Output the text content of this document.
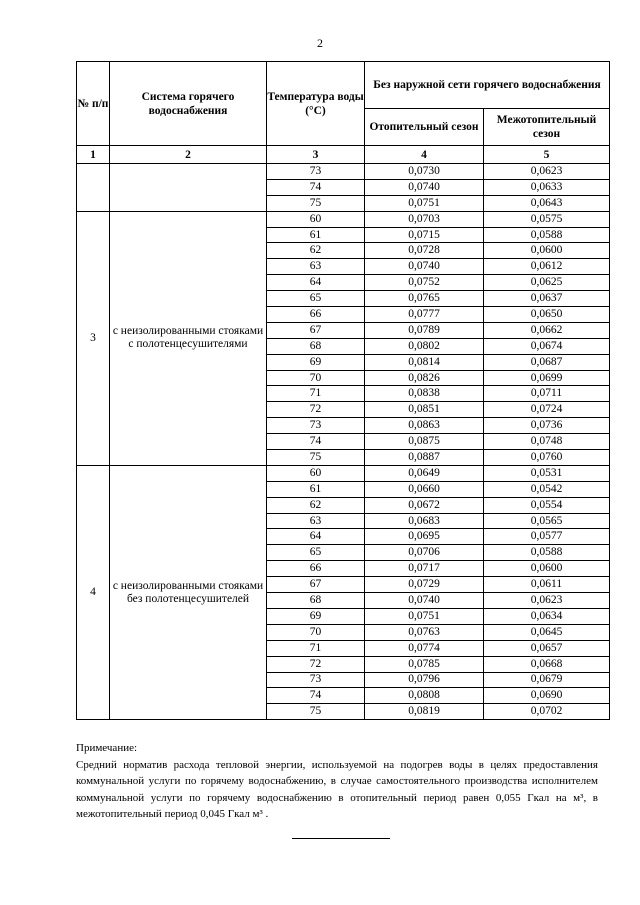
2
№ п/п	Система горячего водоснабжения	Температура воды (°С)	Без наружной сети горячего водоснабжения	
			Отопительный сезон	Межотопительный сезон
1	2	3	4	5
		73	0,0730	0,0623
		74	0,0740	0,0633
		75	0,0751	0,0643
3	с неизолированными стояками с полотенцесушителями	60	0,0703	0,0575
		61	0,0715	0,0588
		62	0,0728	0,0600
		63	0,0740	0,0612
		64	0,0752	0,0625
		65	0,0765	0,0637
		66	0,0777	0,0650
		67	0,0789	0,0662
		68	0,0802	0,0674
		69	0,0814	0,0687
		70	0,0826	0,0699
		71	0,0838	0,0711
		72	0,0851	0,0724
		73	0,0863	0,0736
		74	0,0875	0,0748
		75	0,0887	0,0760
4	с неизолированными стояками без полотенцесушителей	60	0,0649	0,0531
		61	0,0660	0,0542
		62	0,0672	0,0554
		63	0,0683	0,0565
		64	0,0695	0,0577
		65	0,0706	0,0588
		66	0,0717	0,0600
		67	0,0729	0,0611
		68	0,0740	0,0623
		69	0,0751	0,0634
		70	0,0763	0,0645
		71	0,0774	0,0657
		72	0,0785	0,0668
		73	0,0796	0,0679
		74	0,0808	0,0690
		75	0,0819	0,0702
Примечание:
Средний норматив расхода тепловой энергии, используемой на подогрев воды в целях предоставления коммунальной услуги по горячему водоснабжению, в случае самостоятельного производства исполнителем коммунальной услуги по горячему водоснабжению в отопительный период равен 0,055 Гкал на м³, в межотопительный период 0,045 Гкал м³ .
